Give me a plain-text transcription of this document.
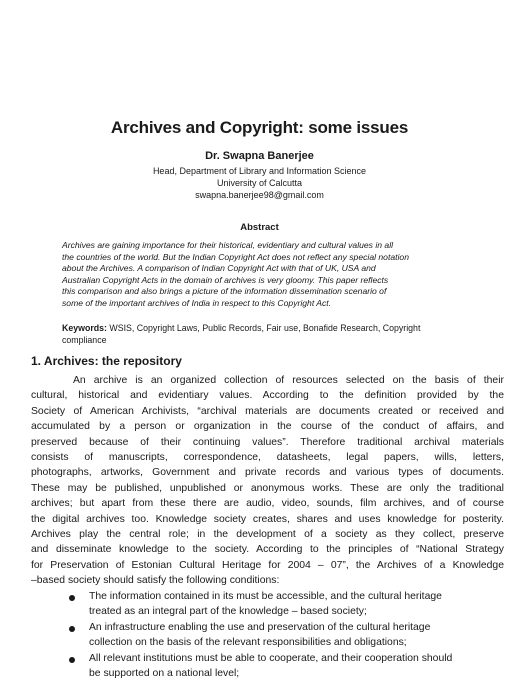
Archives and Copyright: some issues
Dr. Swapna Banerjee
Head, Department of Library and Information Science
University of Calcutta
swapna.banerjee98@gmail.com
Abstract
Archives are gaining importance for their historical, evidentiary and cultural values in all
the countries of the world. But the Indian Copyright Act does not reflect any special notation
about the Archives. A comparison of Indian Copyright Act with that of UK, USA and
Australian Copyright Acts in the domain of archives is very gloomy. This paper reflects
this comparison and also brings a picture of the information dissemination scenario of
some of the important archives of India in respect to this Copyright Act.
Keywords: WSIS, Copyright Laws, Public Records, Fair use, Bonafide Research, Copyright
compliance
1. Archives: the repository
An archive is an organized collection of resources selected on the basis of their
cultural, historical and evidentiary values. According to the definition provided by the
Society of American Archivists, “archival materials are documents created or received and
accumulated by a person or organization in the course of the conduct of affairs, and
preserved because of their continuing values”. Therefore traditional archival materials
consists of manuscripts, correspondence, datasheets, legal papers, wills, letters,
photographs, artworks, Government and private records and various types of documents.
These may be published, unpublished or anonymous works. These are only the traditional
archives; but apart from these there are audio, video, sounds, film archives, and of course
the digital archives too. Knowledge society creates, shares and uses knowledge for posterity.
Archives play the central role; in the development of a society as they collect, preserve
and disseminate knowledge to the society. According to the principles of “National Strategy
for Preservation of Estonian Cultural Heritage for 2004 – 07”, the Archives of a Knowledge
–based society should satisfy the following conditions:
The information contained in its must be accessible, and the cultural heritage
treated as an integral part of the knowledge – based society;
An infrastructure enabling the use and preservation of the cultural heritage
collection on the basis of the relevant responsibilities and obligations;
All relevant institutions must be able to cooperate, and their cooperation should
be supported on a national level;
